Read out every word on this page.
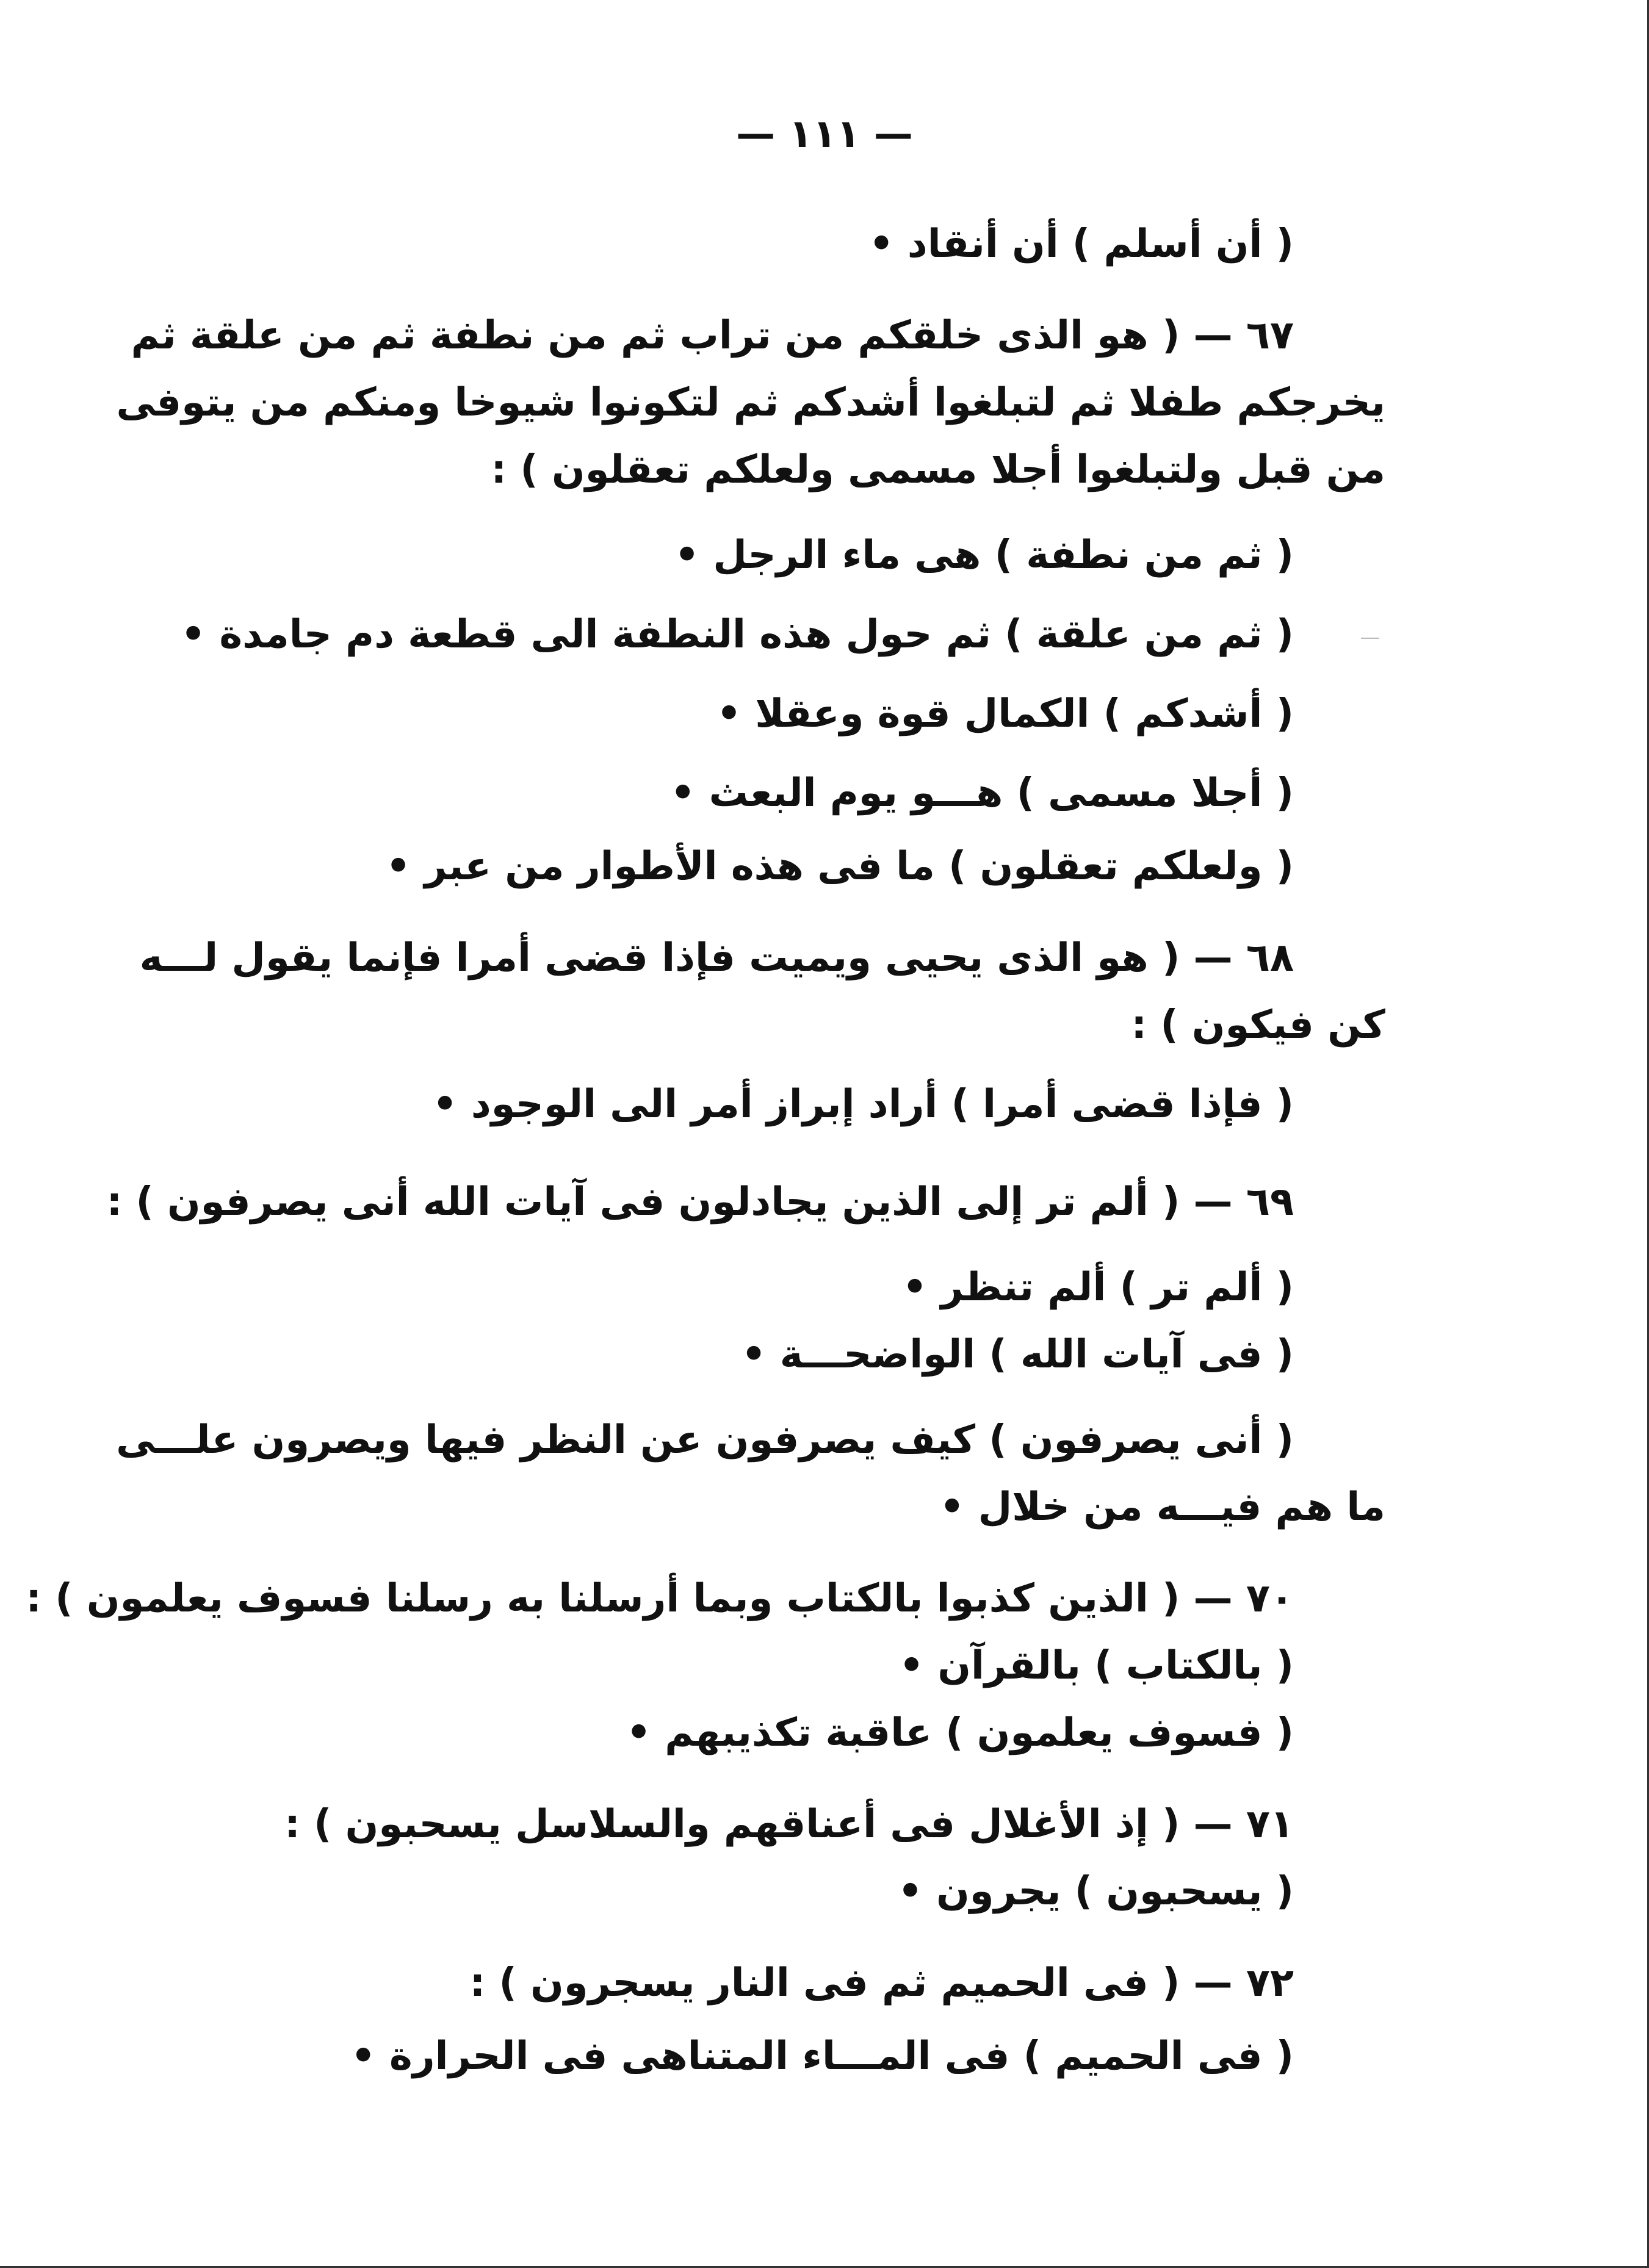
— ١١١ —
( أن أسلم ) أن أنقاد •
٦٧ — ( هو الذى خلقكم من تراب ثم من نطفة ثم من علقة ثم
يخرجكم طفلا ثم لتبلغوا أشدكم ثم لتكونوا شيوخا ومنكم من يتوفى
من قبل ولتبلغوا أجلا مسمى ولعلكم تعقلون ) :
( ثم من نطفة ) هى ماء الرجل •
( ثم من علقة ) ثم حول هذه النطفة الى قطعة دم جامدة •
( أشدكم ) الكمال قوة وعقلا •
( أجلا مسمى ) هـــو يوم البعث •
( ولعلكم تعقلون ) ما فى هذه الأطوار من عبر •
٦٨ — ( هو الذى يحيى ويميت فإذا قضى أمرا فإنما يقول لـــه
كن فيكون ) :
( فإذا قضى أمرا ) أراد إبراز أمر الى الوجود •
٦٩ — ( ألم تر إلى الذين يجادلون فى آيات الله أنى يصرفون ) :
( ألم تر ) ألم تنظر •
( فى آيات الله ) الواضحـــة •
( أنى يصرفون ) كيف يصرفون عن النظر فيها ويصرون علـــى
ما هم فيـــه من خلال •
٧٠ — ( الذين كذبوا بالكتاب وبما أرسلنا به رسلنا فسوف يعلمون ) :
( بالكتاب ) بالقرآن •
( فسوف يعلمون ) عاقبة تكذيبهم •
٧١ — ( إذ الأغلال فى أعناقهم والسلاسل يسحبون ) :
( يسحبون ) يجرون •
٧٢ — ( فى الحميم ثم فى النار يسجرون ) :
( فى الحميم ) فى المـــاء المتناهى فى الحرارة •
